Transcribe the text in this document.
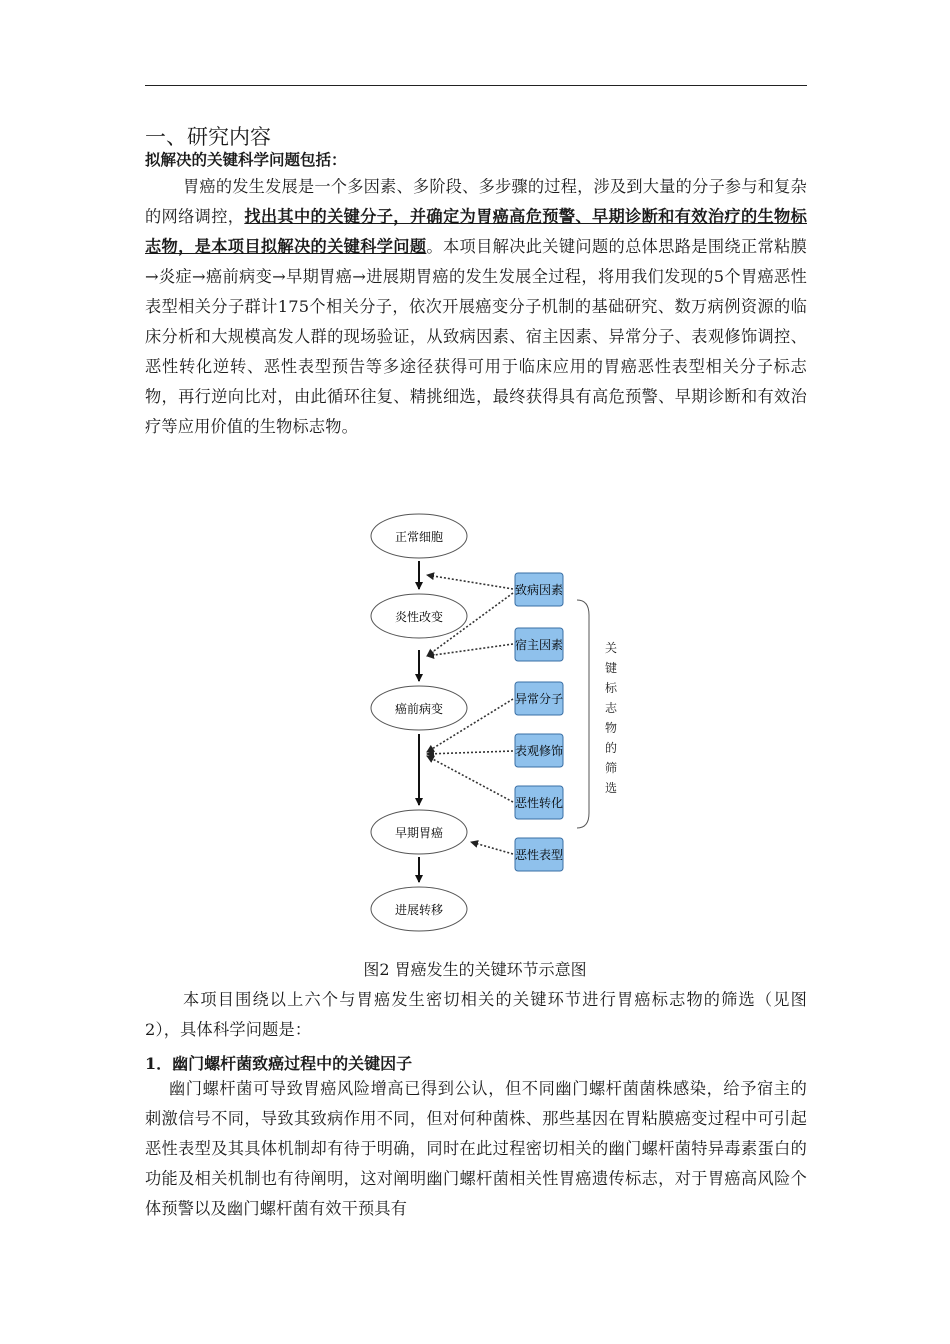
一、研究内容
拟解决的关键科学问题包括：

胃癌的发生发展是一个多因素、多阶段、多步骤的过程，涉及到大量的分子参与和复杂的网络调控，找出其中的关键分子，并确定为胃癌高危预警、早期诊断和有效治疗的生物标志物，是本项目拟解决的关键科学问题。本项目解决此关键问题的总体思路是围绕正常粘膜→炎症→癌前病变→早期胃癌→进展期胃癌的发生发展全过程，将用我们发现的5个胃癌恶性表型相关分子群计175个相关分子，依次开展癌变分子机制的基础研究、数万病例资源的临床分析和大规模高发人群的现场验证，从致病因素、宿主因素、异常分子、表观修饰调控、恶性转化逆转、恶性表型预告等多途径获得可用于临床应用的胃癌恶性表型相关分子标志物，再行逆向比对，由此循环往复、精挑细选，最终获得具有高危预警、早期诊断和有效治疗等应用价值的生物标志物。

正常细胞
炎性改变
癌前病变
早期胃癌
进展转移
致病因素
宿主因素
异常分子
表观修饰
恶性转化
恶性表型
关
键
标
志
物
的
筛
选

图2 胃癌发生的关键环节示意图

本项目围绕以上六个与胃癌发生密切相关的关键环节进行胃癌标志物的筛选（见图2），具体科学问题是：

1．幽门螺杆菌致癌过程中的关键因子

幽门螺杆菌可导致胃癌风险增高已得到公认，但不同幽门螺杆菌菌株感染，给予宿主的刺激信号不同，导致其致病作用不同，但对何种菌株、那些基因在胃粘膜癌变过程中可引起恶性表型及其具体机制却有待于明确，同时在此过程密切相关的幽门螺杆菌特异毒素蛋白的功能及相关机制也有待阐明，这对阐明幽门螺杆菌相关性胃癌遗传标志，对于胃癌高风险个体预警以及幽门螺杆菌有效干预具有
